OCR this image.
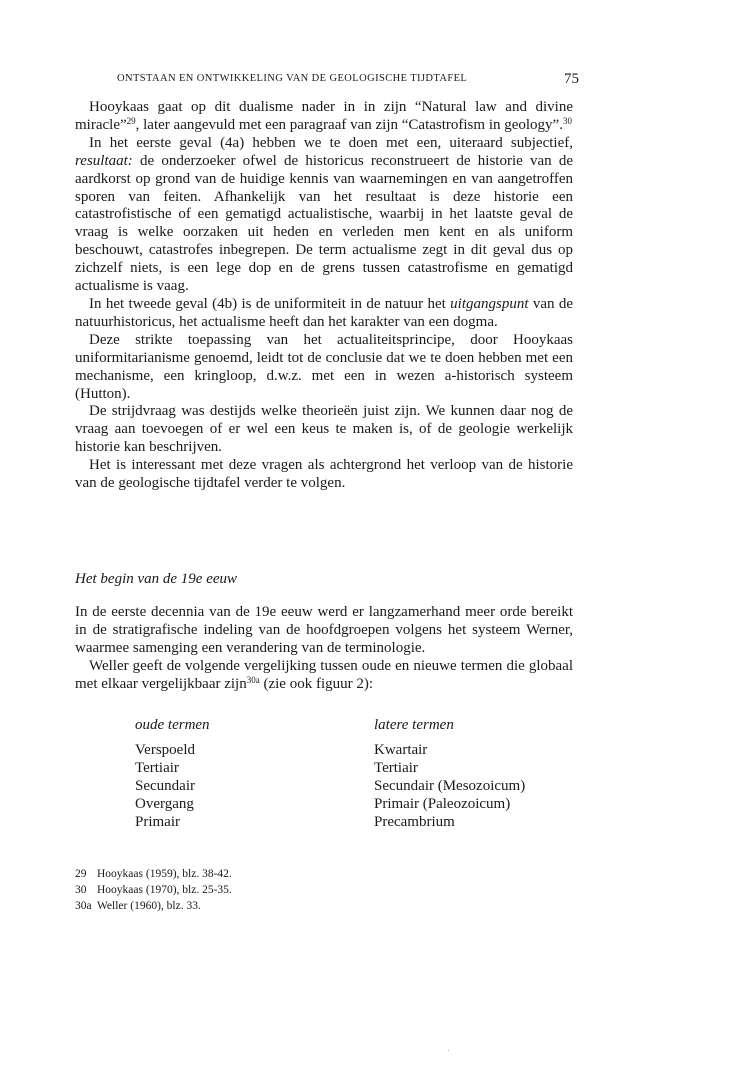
ONTSTAAN EN ONTWIKKELING VAN DE GEOLOGISCHE TIJDTAFEL	75

Hooykaas gaat op dit dualisme nader in in zijn “Natural law and divine miracle”$^{29}$, later aangevuld met een paragraaf van zijn “Catastrofism in geology”.$^{30}$

In het eerste geval (4a) hebben we te doen met een, uiteraard subjectief, resultaat: de onderzoeker ofwel de historicus reconstrueert de historie van de aardkorst op grond van de huidige kennis van waarnemingen en van aangetroffen sporen van feiten. Afhankelijk van het resultaat is deze historie een catastrofistische of een gematigd actualistische, waarbij in het laatste geval de vraag is welke oorzaken uit heden en verleden men kent en als uniform beschouwt, catastrofes inbegrepen. De term actualisme zegt in dit geval dus op zichzelf niets, is een lege dop en de grens tussen catastrofisme en gematigd actualisme is vaag.

In het tweede geval (4b) is de uniformiteit in de natuur het uitgangspunt van de natuurhistoricus, het actualisme heeft dan het karakter van een dogma.

Deze strikte toepassing van het actualiteitsprincipe, door Hooykaas uniformitarianisme genoemd, leidt tot de conclusie dat we te doen hebben met een mechanisme, een kringloop, d.w.z. met een in wezen a-historisch systeem (Hutton).

De strijdvraag was destijds welke theorieën juist zijn. We kunnen daar nog de vraag aan toevoegen of er wel een keus te maken is, of de geologie werkelijk historie kan beschrijven.

Het is interessant met deze vragen als achtergrond het verloop van de historie van de geologische tijdtafel verder te volgen.

Het begin van de 19e eeuw

In de eerste decennia van de 19e eeuw werd er langzamerhand meer orde bereikt in de stratigrafische indeling van de hoofdgroepen volgens het systeem Werner, waarmee samenging een verandering van de terminologie.

Weller geeft de volgende vergelijking tussen oude en nieuwe termen die globaal met elkaar vergelijkbaar zijn$^{30a}$ (zie ook figuur 2):

oude termen
Verspoeld
Tertiair
Secundair
Overgang
Primair
latere termen
Kwartair
Tertiair
Secundair (Mesozoicum)
Primair (Paleozoicum)
Precambrium
29 Hooykaas (1959), blz. 38-42.
30 Hooykaas (1970), blz. 25-35.
30a Weller (1960), blz. 33.
⸱
